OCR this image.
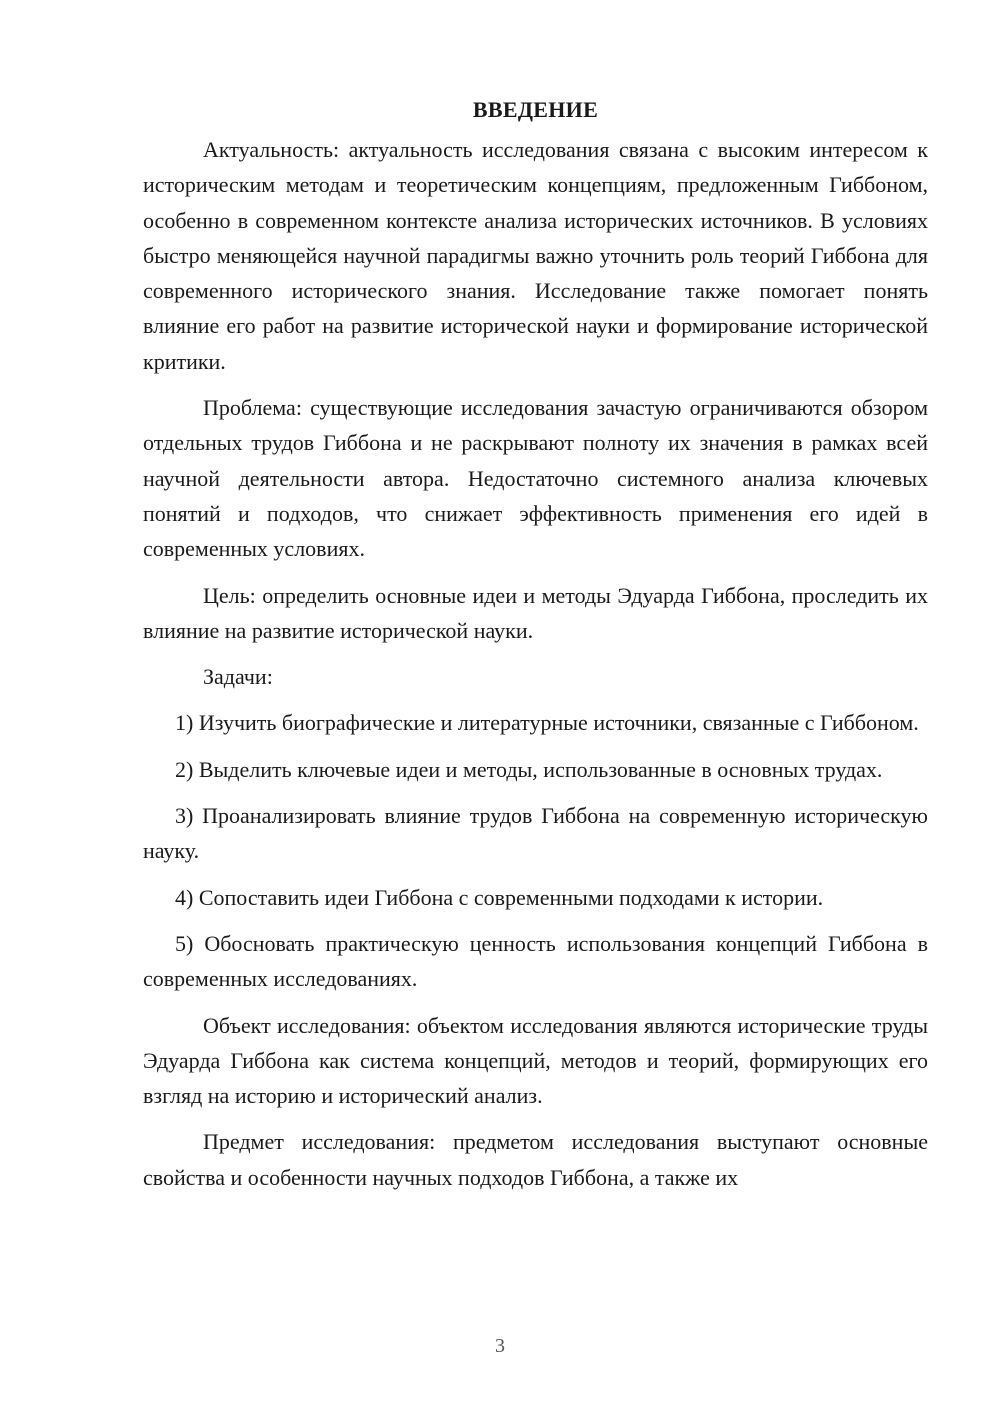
ВВЕДЕНИЕ

Актуальность: актуальность исследования связана с высоким интересом к историческим методам и теоретическим концепциям, предложенным Гиббоном, особенно в современном контексте анализа исторических источников. В условиях быстро меняющейся научной парадигмы важно уточнить роль теорий Гиббона для современного исторического знания. Исследование также помогает понять влияние его работ на развитие исторической науки и формирование исторической критики.

Проблема: существующие исследования зачастую ограничиваются обзором отдельных трудов Гиббона и не раскрывают полноту их значения в рамках всей научной деятельности автора. Недостаточно системного анализа ключевых понятий и подходов, что снижает эффективность применения его идей в современных условиях.

Цель: определить основные идеи и методы Эдуарда Гиббона, проследить их влияние на развитие исторической науки.

Задачи:

1) Изучить биографические и литературные источники, связанные с Гиббоном.
2) Выделить ключевые идеи и методы, использованные в основных трудах.
3) Проанализировать влияние трудов Гиббона на современную историческую науку.
4) Сопоставить идеи Гиббона с современными подходами к истории.
5) Обосновать практическую ценность использования концепций Гиббона в современных исследованиях.

Объект исследования: объектом исследования являются исторические труды Эдуарда Гиббона как система концепций, методов и теорий, формирующих его взгляд на историю и исторический анализ.

Предмет исследования: предметом исследования выступают основные свойства и особенности научных подходов Гиббона, а также их

3
